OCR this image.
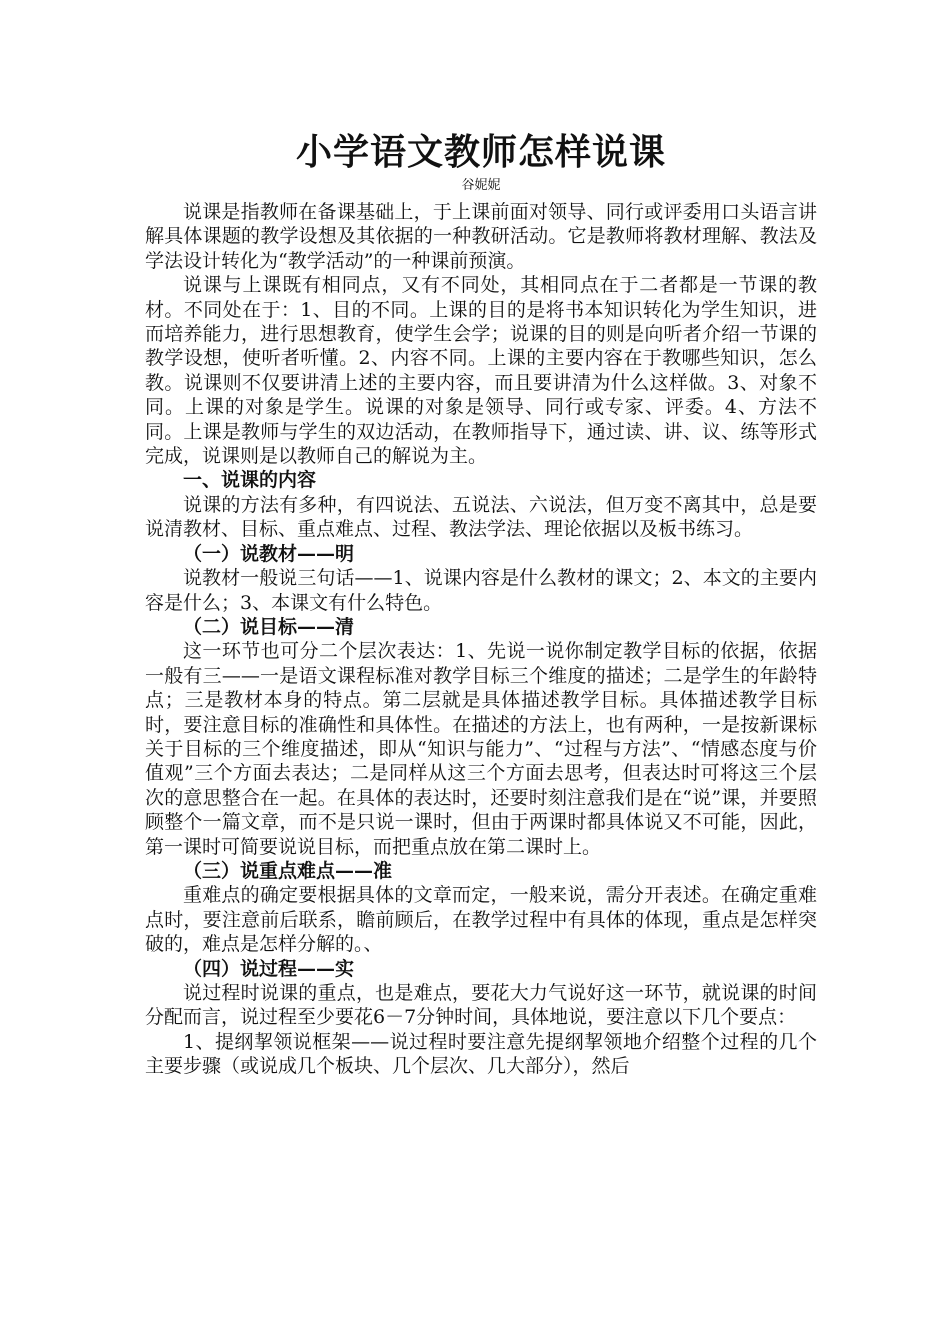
小学语文教师怎样说课
谷妮妮

说课是指教师在备课基础上，于上课前面对领导、同行或评委用口头语言讲解具体课题的教学设想及其依据的一种教研活动。它是教师将教材理解、教法及学法设计转化为“教学活动”的一种课前预演。

说课与上课既有相同点，又有不同处，其相同点在于二者都是一节课的教材。不同处在于：1、目的不同。上课的目的是将书本知识转化为学生知识，进而培养能力，进行思想教育，使学生会学；说课的目的则是向听者介绍一节课的教学设想，使听者听懂。2、内容不同。上课的主要内容在于教哪些知识，怎么教。说课则不仅要讲清上述的主要内容，而且要讲清为什么这样做。3、对象不同。上课的对象是学生。说课的对象是领导、同行或专家、评委。4、方法不同。上课是教师与学生的双边活动，在教师指导下，通过读、讲、议、练等形式完成，说课则是以教师自己的解说为主。

一、说课的内容

说课的方法有多种，有四说法、五说法、六说法，但万变不离其中，总是要说清教材、目标、重点难点、过程、教法学法、理论依据以及板书练习。

（一）说教材——明

说教材一般说三句话——1、说课内容是什么教材的课文；2、本文的主要内容是什么；3、本课文有什么特色。

（二）说目标——清

这一环节也可分二个层次表达：1、先说一说你制定教学目标的依据，依据一般有三——一是语文课程标准对教学目标三个维度的描述；二是学生的年龄特点；三是教材本身的特点。第二层就是具体描述教学目标。具体描述教学目标时，要注意目标的准确性和具体性。在描述的方法上，也有两种，一是按新课标关于目标的三个维度描述，即从“知识与能力”、“过程与方法”、“情感态度与价值观”三个方面去表达；二是同样从这三个方面去思考，但表达时可将这三个层次的意思整合在一起。在具体的表达时，还要时刻注意我们是在“说”课，并要照顾整个一篇文章，而不是只说一课时，但由于两课时都具体说又不可能，因此，第一课时可简要说说目标，而把重点放在第二课时上。

（三）说重点难点——准

重难点的确定要根据具体的文章而定，一般来说，需分开表述。在确定重难点时，要注意前后联系，瞻前顾后，在教学过程中有具体的体现，重点是怎样突破的，难点是怎样分解的。、

（四）说过程——实

说过程时说课的重点，也是难点，要花大力气说好这一环节，就说课的时间分配而言，说过程至少要花6－7分钟时间，具体地说，要注意以下几个要点：

1、提纲挈领说框架——说过程时要注意先提纲挈领地介绍整个过程的几个主要步骤（或说成几个板块、几个层次、几大部分），然后
